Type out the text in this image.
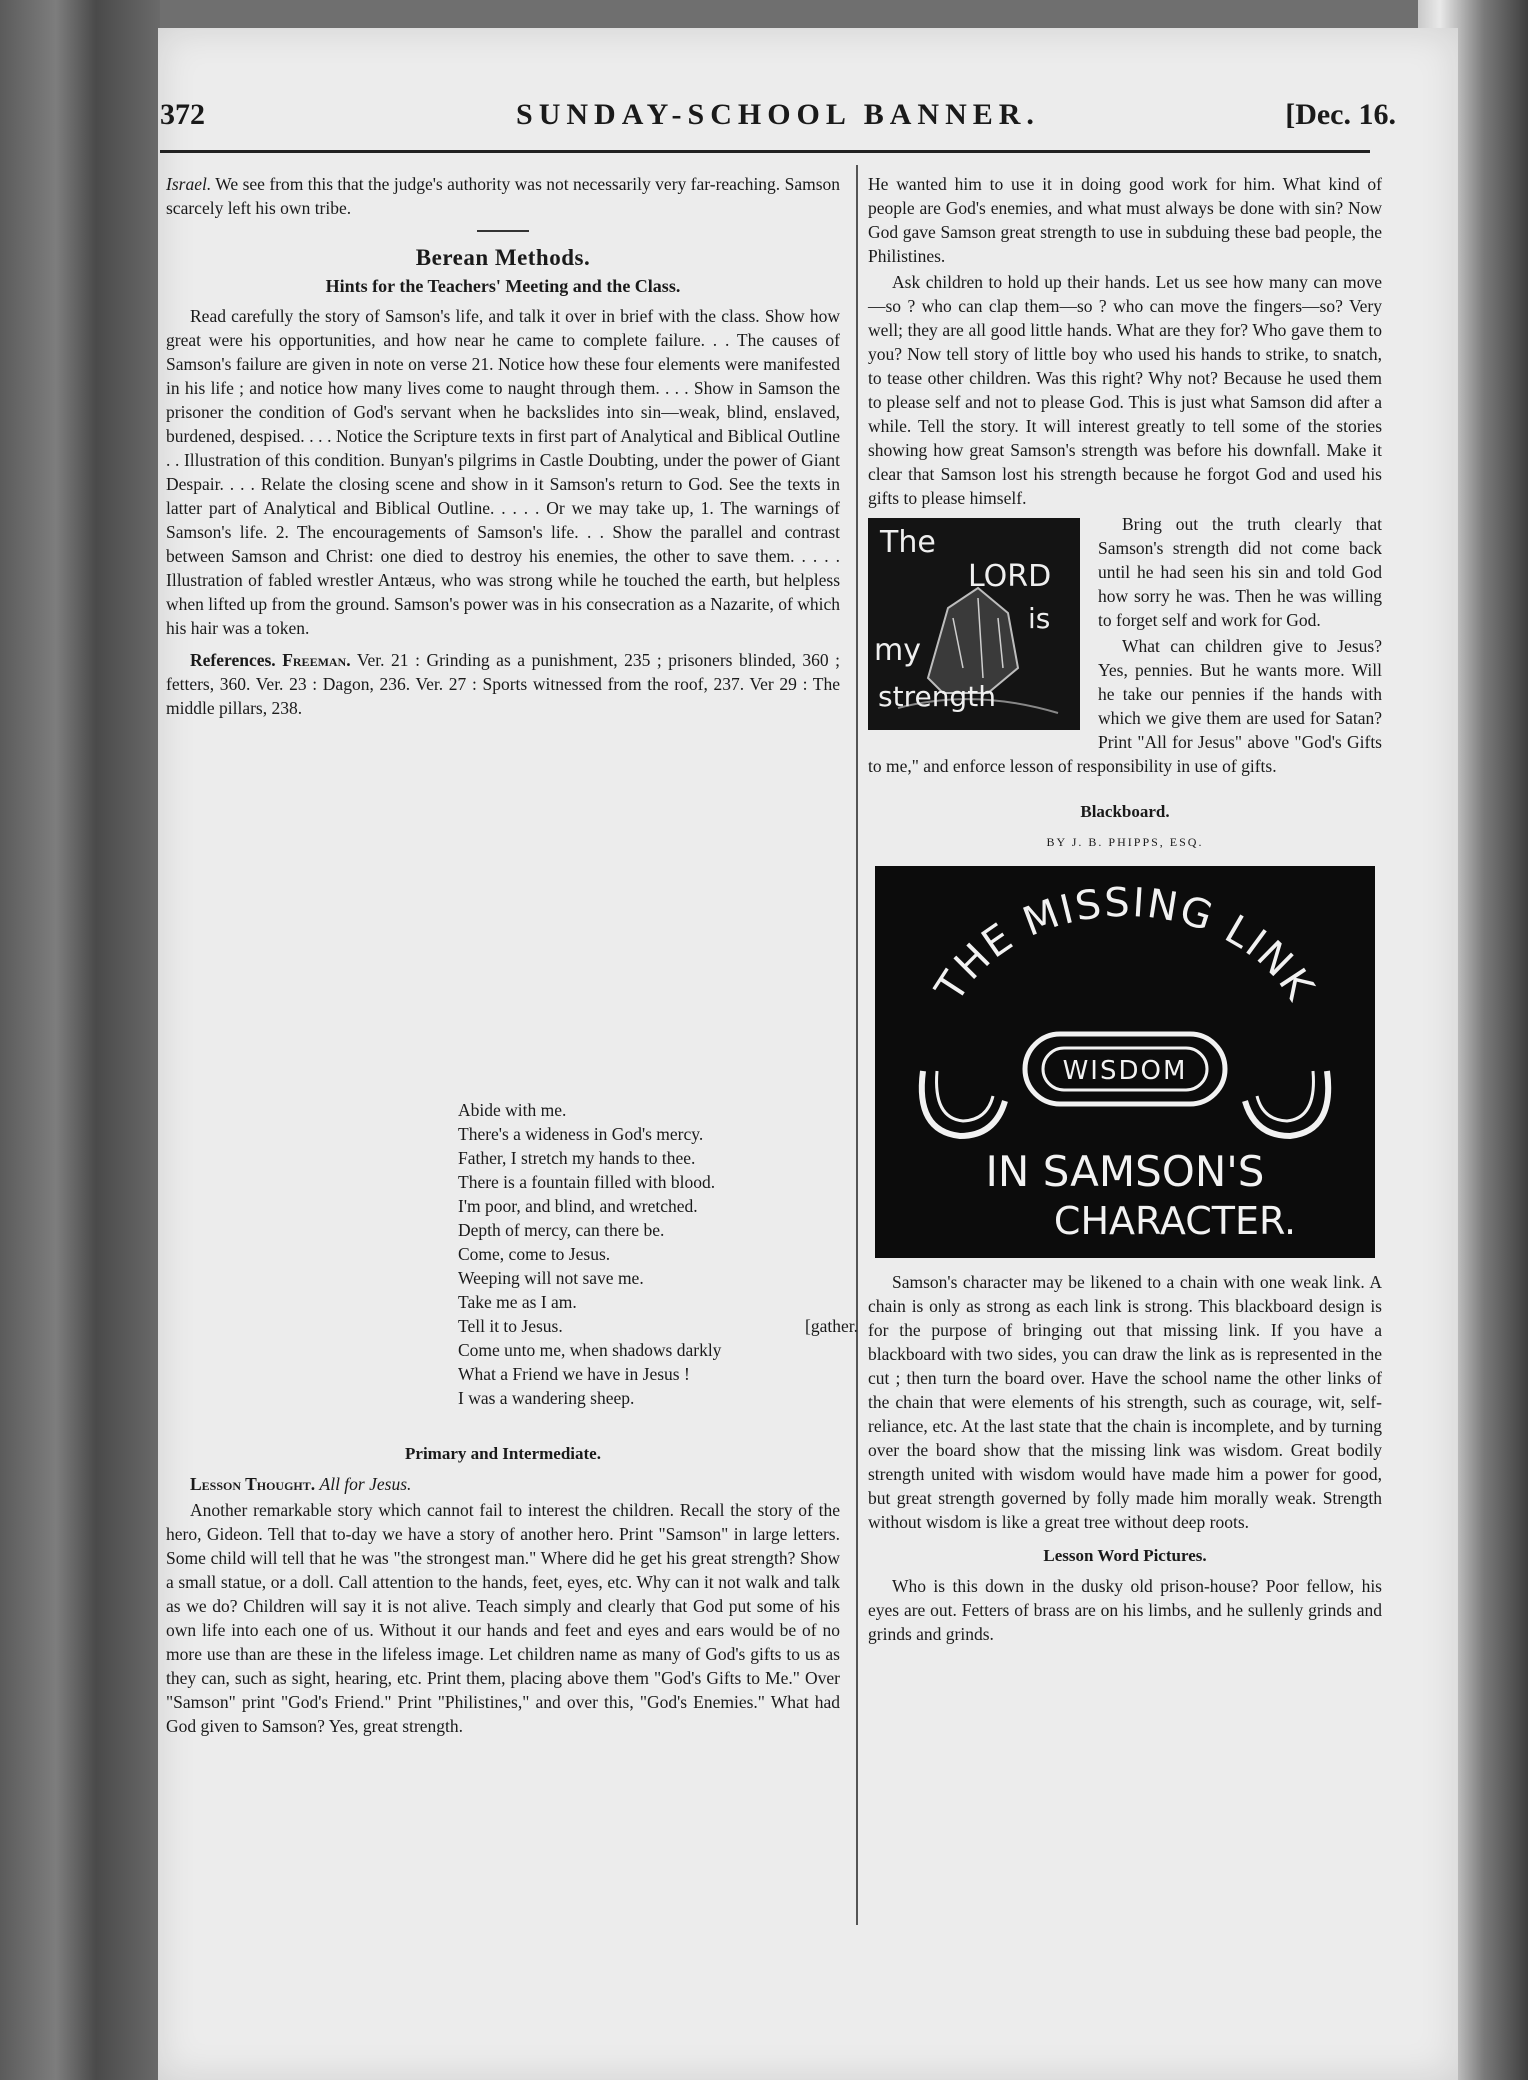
372	SUNDAY-SCHOOL BANNER.	[Dec. 16.

Israel. We see from this that the judge's authority was not necessarily very far-reaching. Samson scarcely left his own tribe.

Berean Methods.
Hints for the Teachers' Meeting and the Class.

Read carefully the story of Samson's life, and talk it over in brief with the class. Show how great were his opportunities, and how near he came to complete failure. . . The causes of Samson's failure are given in note on verse 21. Notice how these four elements were manifested in his life ; and notice how many lives come to naught through them. . . . Show in Samson the prisoner the condition of God's servant when he backslides into sin—weak, blind, enslaved, burdened, despised. . . . Notice the Scripture texts in first part of Analytical and Biblical Outline . . Illustration of this condition. Bunyan's pilgrims in Castle Doubting, under the power of Giant Despair. . . . Relate the closing scene and show in it Samson's return to God. See the texts in latter part of Analytical and Biblical Outline. . . . . Or we may take up, 1. The warnings of Samson's life. 2. The encouragements of Samson's life. . . Show the parallel and contrast between Samson and Christ: one died to destroy his enemies, the other to save them. . . . . Illustration of fabled wrestler Antæus, who was strong while he touched the earth, but helpless when lifted up from the ground. Samson's power was in his consecration as a Nazarite, of which his hair was a token.

References. Freeman. Ver. 21 : Grinding as a punishment, 235 ; prisoners blinded, 360 ; fetters, 360. Ver. 23 : Dagon, 236. Ver. 27 : Sports witnessed from the roof, 237. Ver 29 : The middle pillars, 238.

Abide with me.
There's a wideness in God's mercy.
Father, I stretch my hands to thee.
There is a fountain filled with blood.
I'm poor, and blind, and wretched.
Depth of mercy, can there be.
Come, come to Jesus.
Weeping will not save me.
Take me as I am.
Tell it to Jesus.	[gather.
Come unto me, when shadows darkly
What a Friend we have in Jesus !
I was a wandering sheep.
Primary and Intermediate.

Lesson Thought. All for Jesus.

Another remarkable story which cannot fail to interest the children. Recall the story of the hero, Gideon. Tell that to-day we have a story of another hero. Print "Samson" in large letters. Some child will tell that he was "the strongest man." Where did he get his great strength? Show a small statue, or a doll. Call attention to the hands, feet, eyes, etc. Why can it not walk and talk as we do? Children will say it is not alive. Teach simply and clearly that God put some of his own life into each one of us. Without it our hands and feet and eyes and ears would be of no more use than are these in the lifeless image. Let children name as many of God's gifts to us as they can, such as sight, hearing, etc. Print them, placing above them "God's Gifts to Me." Over "Samson" print "God's Friend." Print "Philistines," and over this, "God's Enemies." What had God given to Samson? Yes, great strength.

He wanted him to use it in doing good work for him. What kind of people are God's enemies, and what must always be done with sin? Now God gave Samson great strength to use in subduing these bad people, the Philistines.

Ask children to hold up their hands. Let us see how many can move—so ? who can clap them—so ? who can move the fingers—so? Very well; they are all good little hands. What are they for? Who gave them to you? Now tell story of little boy who used his hands to strike, to snatch, to tease other children. Was this right? Why not? Because he used them to please self and not to please God. This is just what Samson did after a while. Tell the story. It will interest greatly to tell some of the stories showing how great Samson's strength was before his downfall. Make it clear that Samson lost his strength because he forgot God and used his gifts to please himself.

The
LORD
is
my
strength

Bring out the truth clearly that Samson's strength did not come back until he had seen his sin and told God how sorry he was. Then he was willing to forget self and work for God.

What can children give to Jesus? Yes, pennies. But he wants more. Will he take our pennies if the hands with which we give them are used for Satan? Print "All for Jesus" above "God's Gifts to me," and enforce lesson of responsibility in use of gifts.

Blackboard.
BY J. B. PHIPPS, ESQ.
THE MISSING LINK
WISDOM
IN SAMSON'S
CHARACTER.

Samson's character may be likened to a chain with one weak link. A chain is only as strong as each link is strong. This blackboard design is for the purpose of bringing out that missing link. If you have a blackboard with two sides, you can draw the link as is represented in the cut ; then turn the board over. Have the school name the other links of the chain that were elements of his strength, such as courage, wit, self-reliance, etc. At the last state that the chain is incomplete, and by turning over the board show that the missing link was wisdom. Great bodily strength united with wisdom would have made him a power for good, but great strength governed by folly made him morally weak. Strength without wisdom is like a great tree without deep roots.

Lesson Word Pictures.

Who is this down in the dusky old prison-house? Poor fellow, his eyes are out. Fetters of brass are on his limbs, and he sullenly grinds and grinds and grinds.
